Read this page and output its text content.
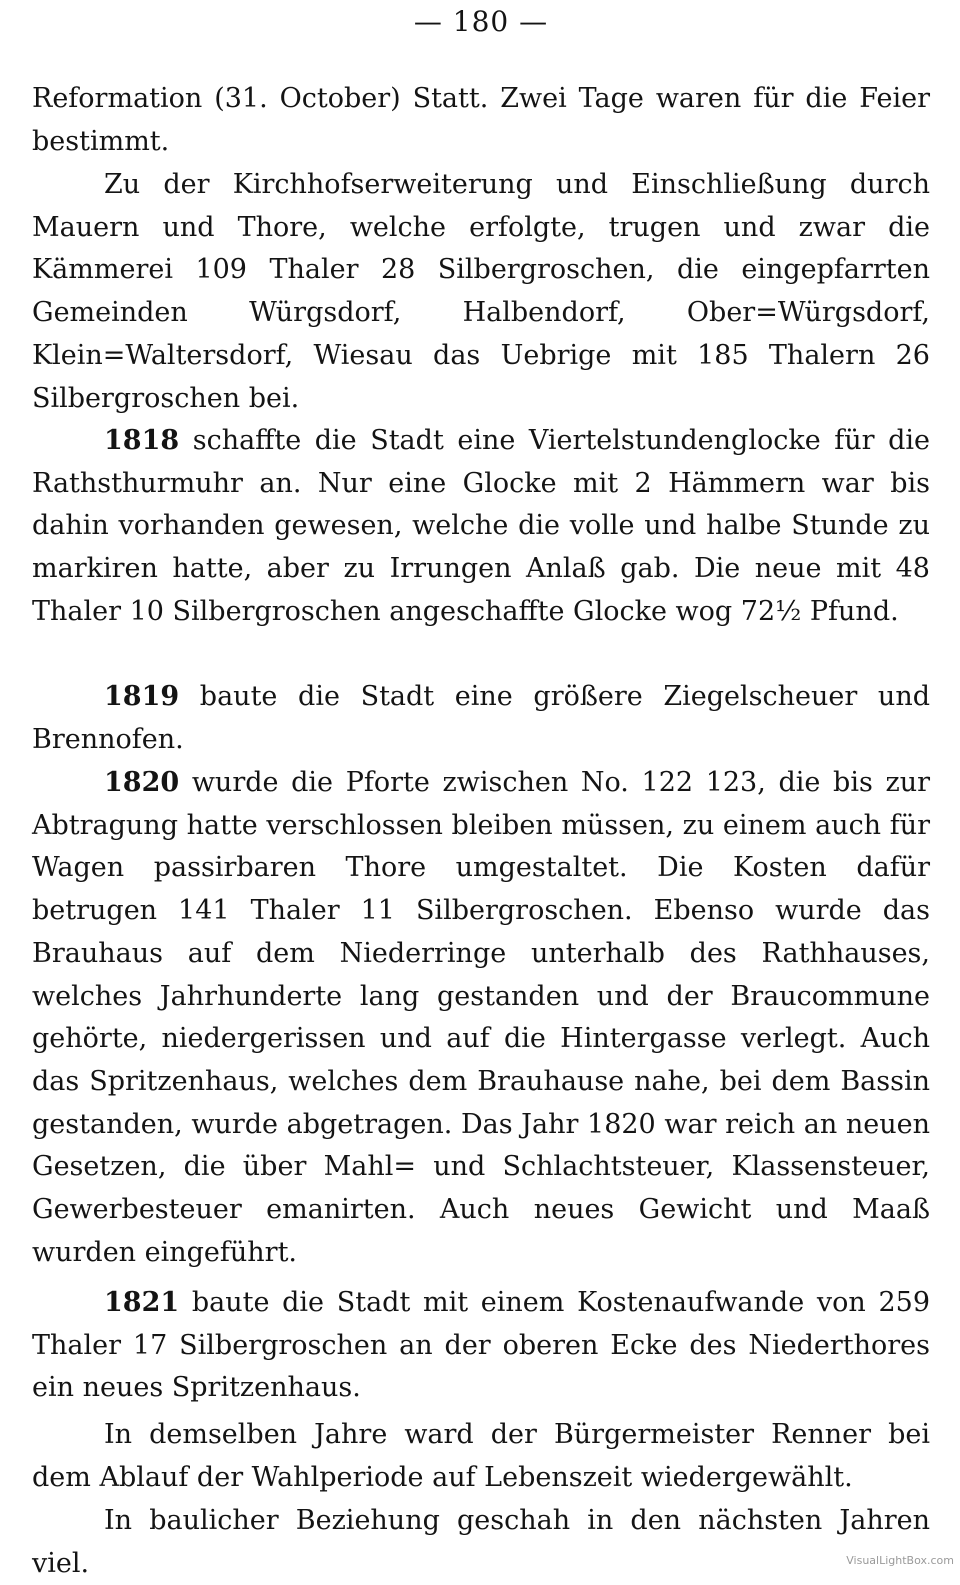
— 180 —

Reformation (31. October) Statt. Zwei Tage waren für die Feier bestimmt.

Zu der Kirchhofserweiterung und Einschließung durch Mauern und Thore, welche erfolgte, trugen und zwar die Kämmerei 109 Thaler 28 Silbergroschen, die eingepfarrten Gemeinden Würgsdorf, Halbendorf, Ober=Würgsdorf, Klein=Waltersdorf, Wiesau das Uebrige mit 185 Thalern 26 Silbergroschen bei.

1818 schaffte die Stadt eine Viertelstundenglocke für die Rathsthurmuhr an. Nur eine Glocke mit 2 Hämmern war bis dahin vorhanden gewesen, welche die volle und halbe Stunde zu markiren hatte, aber zu Irrungen Anlaß gab. Die neue mit 48 Thaler 10 Silbergroschen angeschaffte Glocke wog 72½ Pfund.

1819 baute die Stadt eine größere Ziegelscheuer und Brennofen.

1820 wurde die Pforte zwischen No. 122 123, die bis zur Abtragung hatte verschlossen bleiben müssen, zu einem auch für Wagen passirbaren Thore umgestaltet. Die Kosten dafür betrugen 141 Thaler 11 Silbergroschen. Ebenso wurde das Brauhaus auf dem Niederringe unterhalb des Rathhauses, welches Jahrhunderte lang gestanden und der Braucommune gehörte, niedergerissen und auf die Hintergasse verlegt. Auch das Spritzenhaus, welches dem Brauhause nahe, bei dem Bassin gestanden, wurde abgetragen. Das Jahr 1820 war reich an neuen Gesetzen, die über Mahl= und Schlachtsteuer, Klassensteuer, Gewerbesteuer emanirten. Auch neues Gewicht und Maaß wurden eingeführt.

1821 baute die Stadt mit einem Kostenaufwande von 259 Thaler 17 Silbergroschen an der oberen Ecke des Niederthores ein neues Spritzenhaus.

In demselben Jahre ward der Bürgermeister Renner bei dem Ablauf der Wahlperiode auf Lebenszeit wiedergewählt.

In baulicher Beziehung geschah in den nächsten Jahren viel.	VisualLightBox.com
